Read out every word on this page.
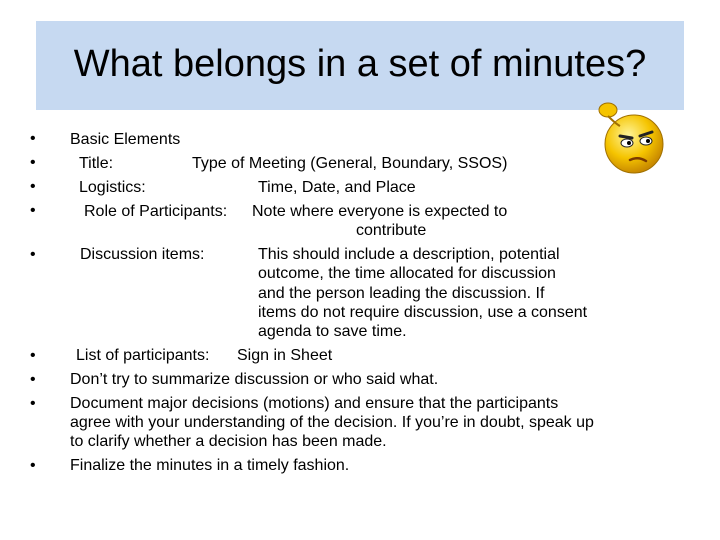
What belongs in a set of minutes?
•
•
•
•
•
•
•
•
•
Basic Elements
Title:	Type of Meeting (General, Boundary, SSOS)
Logistics:	Time, Date, and Place
Role of Participants: Note where everyone is expected to
contribute
Discussion items:	This should include a description, potential
outcome, the time allocated for discussion
and the person leading the discussion. If
items do not require discussion, use a consent
agenda to save time.
List of participants: Sign in Sheet
Don’t try to summarize discussion or who said what.
Document major decisions (motions) and ensure that the participants
agree with your understanding of the decision. If you’re in doubt, speak up
to clarify whether a decision has been made.
Finalize the minutes in a timely fashion.
